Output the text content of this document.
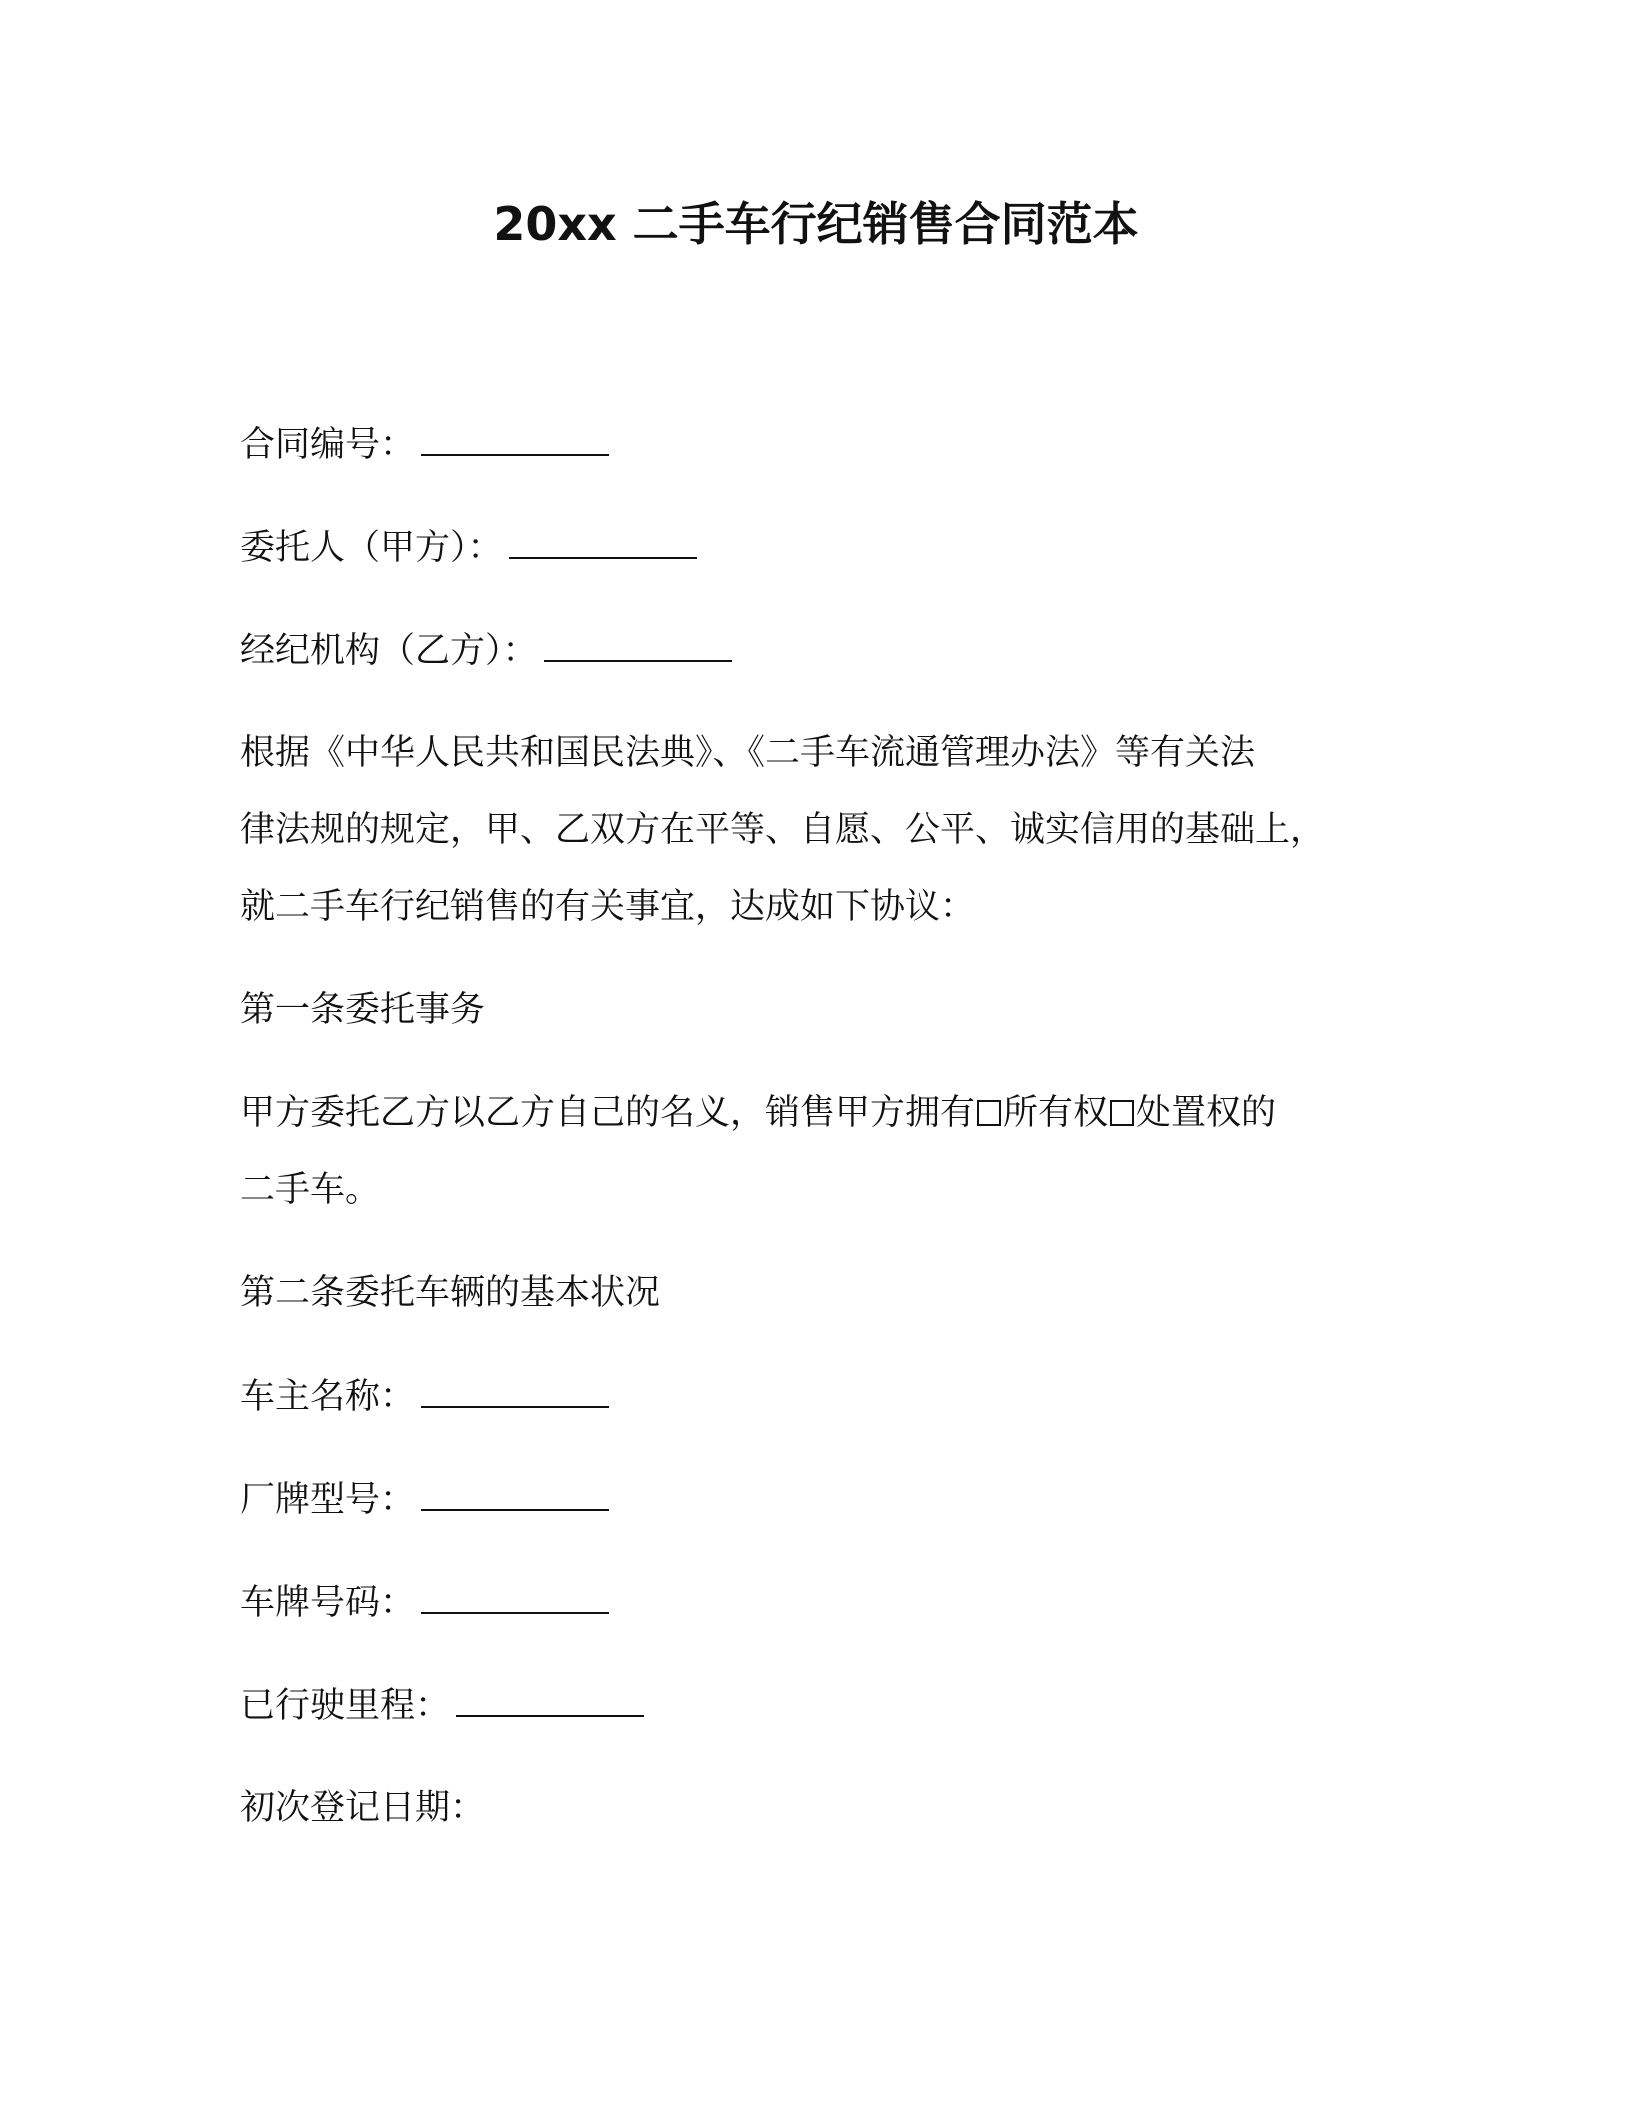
20xx 二手车行纪销售合同范本
合同编号：
委托人（甲方）：
经纪机构（乙方）：
根据《中华人民共和国民法典》、《二手车流通管理办法》等有关法
律法规的规定，甲、乙双方在平等、自愿、公平、诚实信用的基础上，
就二手车行纪销售的有关事宜，达成如下协议：
第一条委托事务
甲方委托乙方以乙方自己的名义，销售甲方拥有 所有权 处置权的
二手车。
第二条委托车辆的基本状况
车主名称：
厂牌型号：
车牌号码：
已行驶里程：
初次登记日期：
